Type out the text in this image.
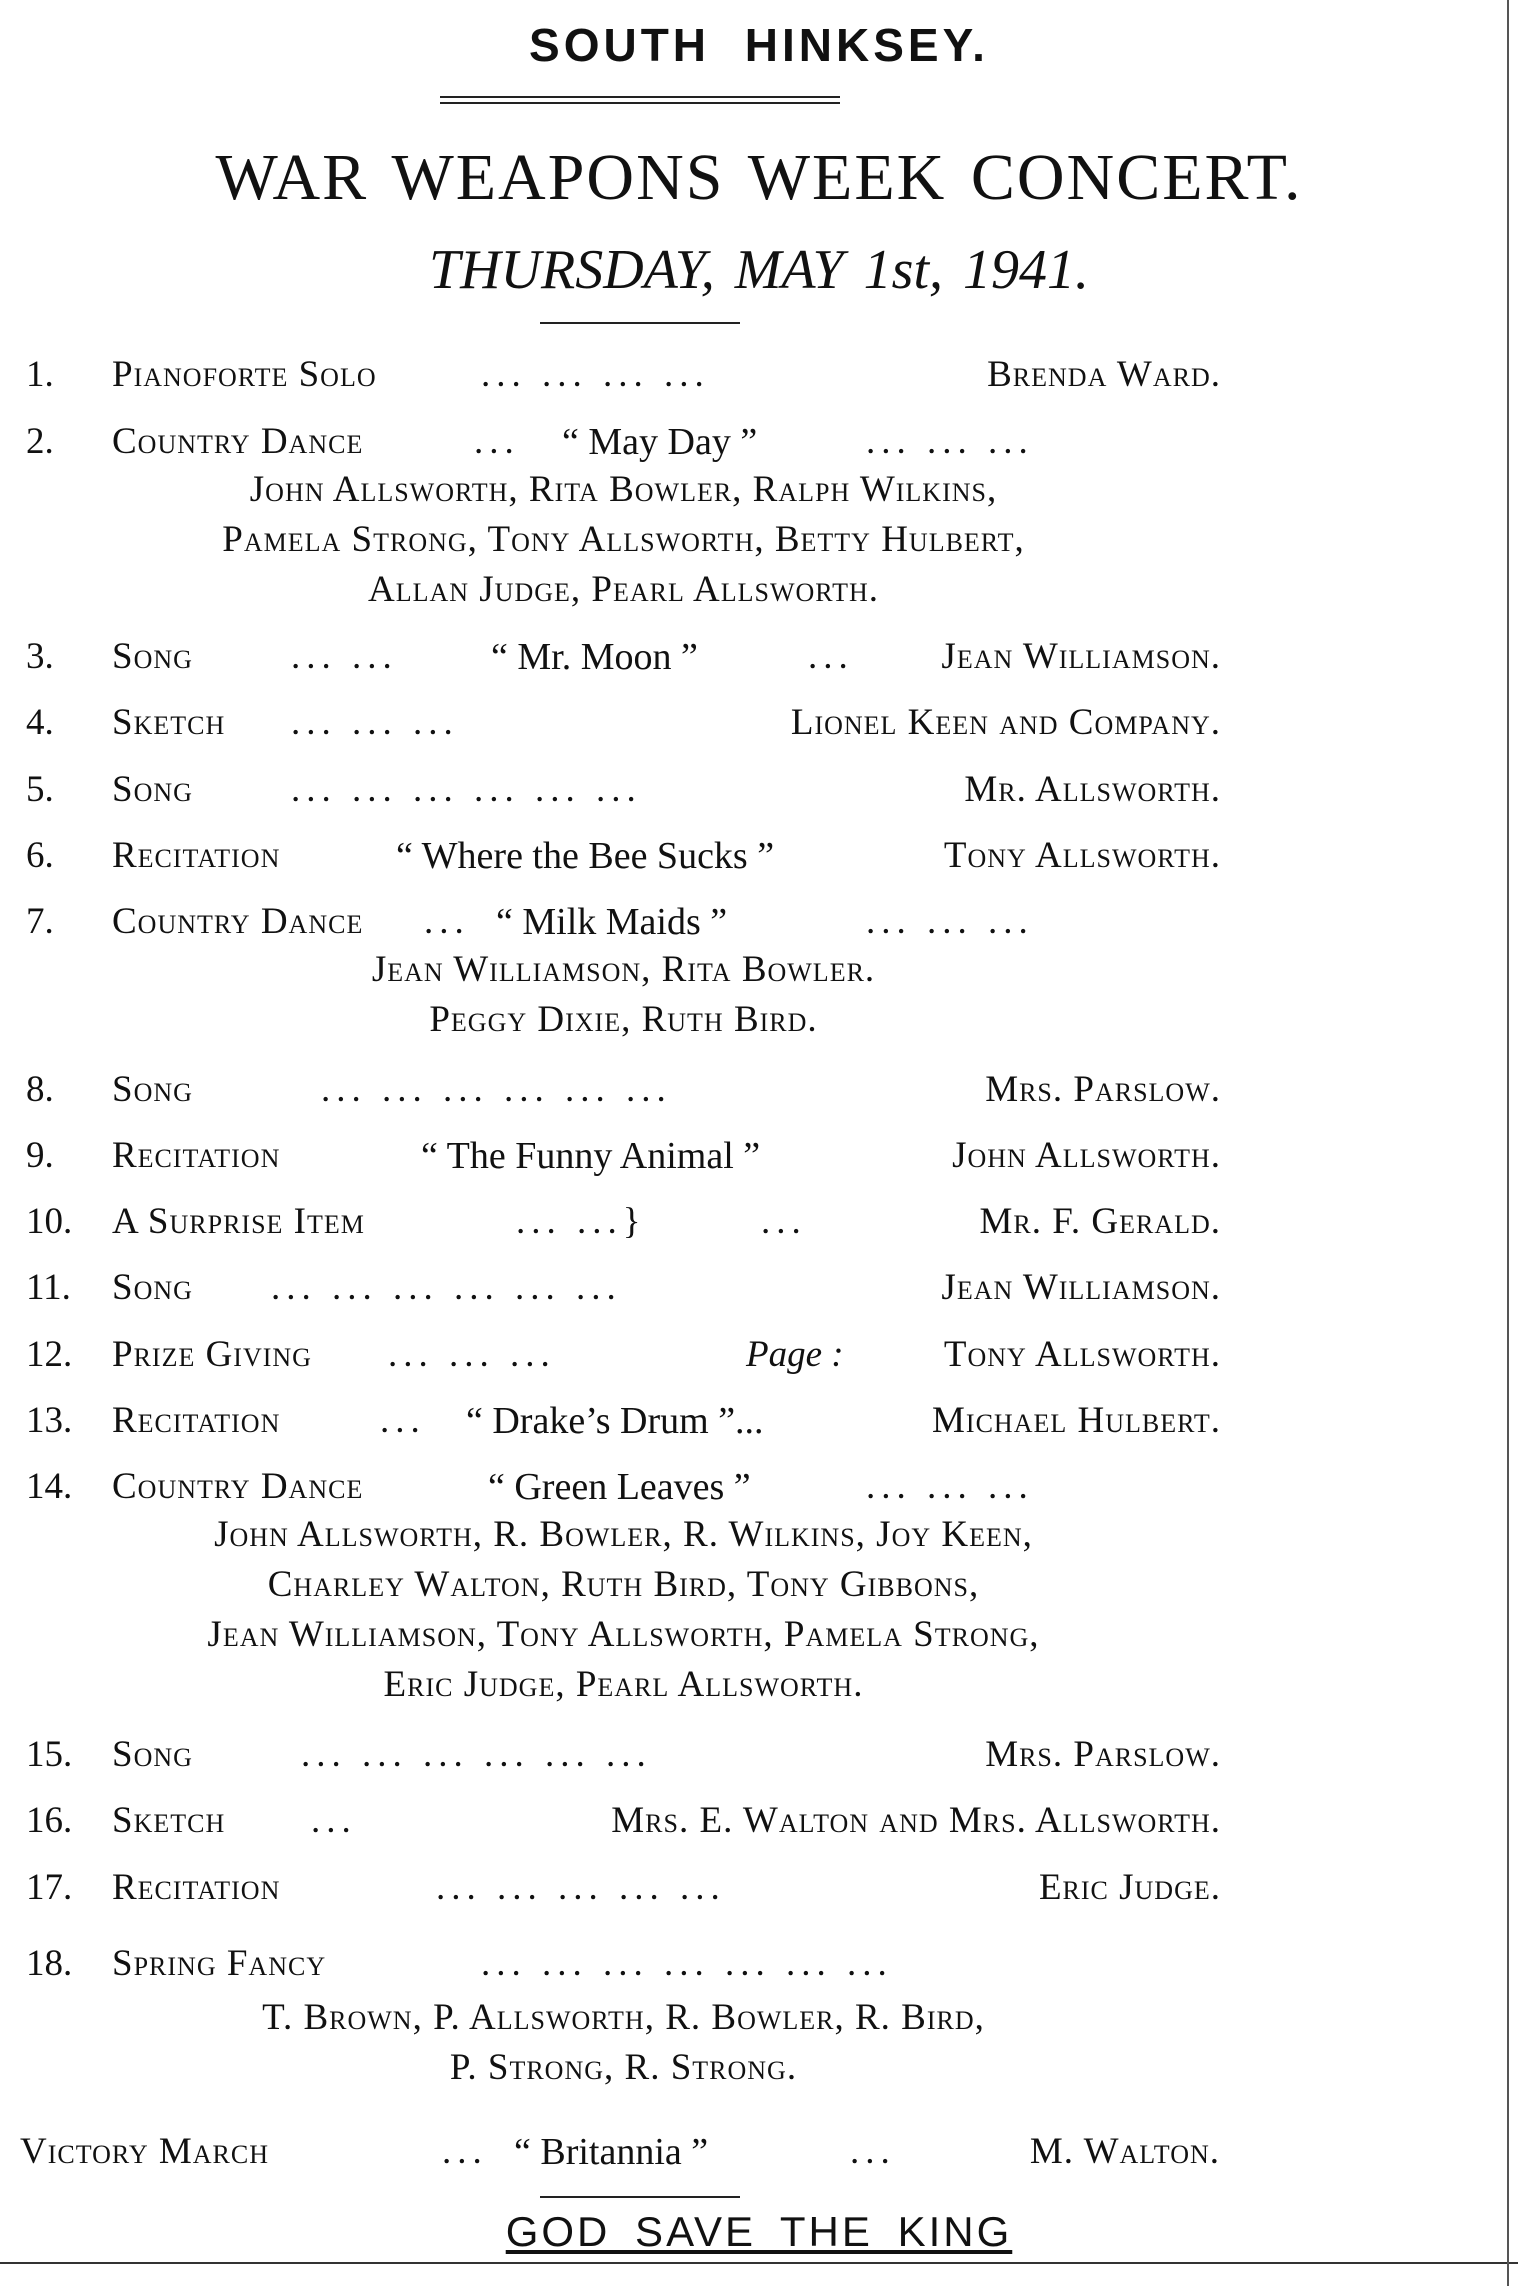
SOUTH HINKSEY.
WAR WEAPONS WEEK CONCERT.
THURSDAY, MAY 1st, 1941.
1. Pianoforte Solo	... ... ... ...	Brenda Ward.
2. Country Dance	... “ May Day ”	... ... ...
John Allsworth, Rita Bowler, Ralph Wilkins,
Pamela Strong, Tony Allsworth, Betty Hulbert,
Allan Judge, Pearl Allsworth.
3. Song	... ... “ Mr. Moon ”	... Jean Williamson.
4. Sketch ... ... ...	Lionel Keen and Company.
5. Song	... ... ... ... ... ...	Mr. Allsworth.
6. Recitation	“ Where the Bee Sucks ”	Tony Allsworth.
7. Country Dance ... “ Milk Maids ”	... ... ...
Jean Williamson, Rita Bowler.
Peggy Dixie, Ruth Bird.
8. Song	... ... ... ... ... ...	Mrs. Parslow.
9. Recitation	“ The Funny Animal ”	John Allsworth.
10. A Surprise Item	... ...}	...	Mr. F. Gerald.
11. Song ... ... ... ... ... ...	Jean Williamson.
12. Prize Giving ... ... ...	Page :	Tony Allsworth.
13. Recitation	... “ Drake’s Drum ”...	Michael Hulbert.
14. Country Dance	“ Green Leaves ”	... ... ...
John Allsworth, R. Bowler, R. Wilkins, Joy Keen,
Charley Walton, Ruth Bird, Tony Gibbons,
Jean Williamson, Tony Allsworth, Pamela Strong,
Eric Judge, Pearl Allsworth.
15. Song	... ... ... ... ... ...	Mrs. Parslow.
16. Sketch ...	Mrs. E. Walton and Mrs. Allsworth.
17. Recitation	... ... ... ... ...	Eric Judge.
18. Spring Fancy	... ... ... ... ... ... ...
T. Brown, P. Allsworth, R. Bowler, R. Bird,
P. Strong, R. Strong.
Victory March	... “ Britannia ”	...	M. Walton.
GOD SAVE THE KING
